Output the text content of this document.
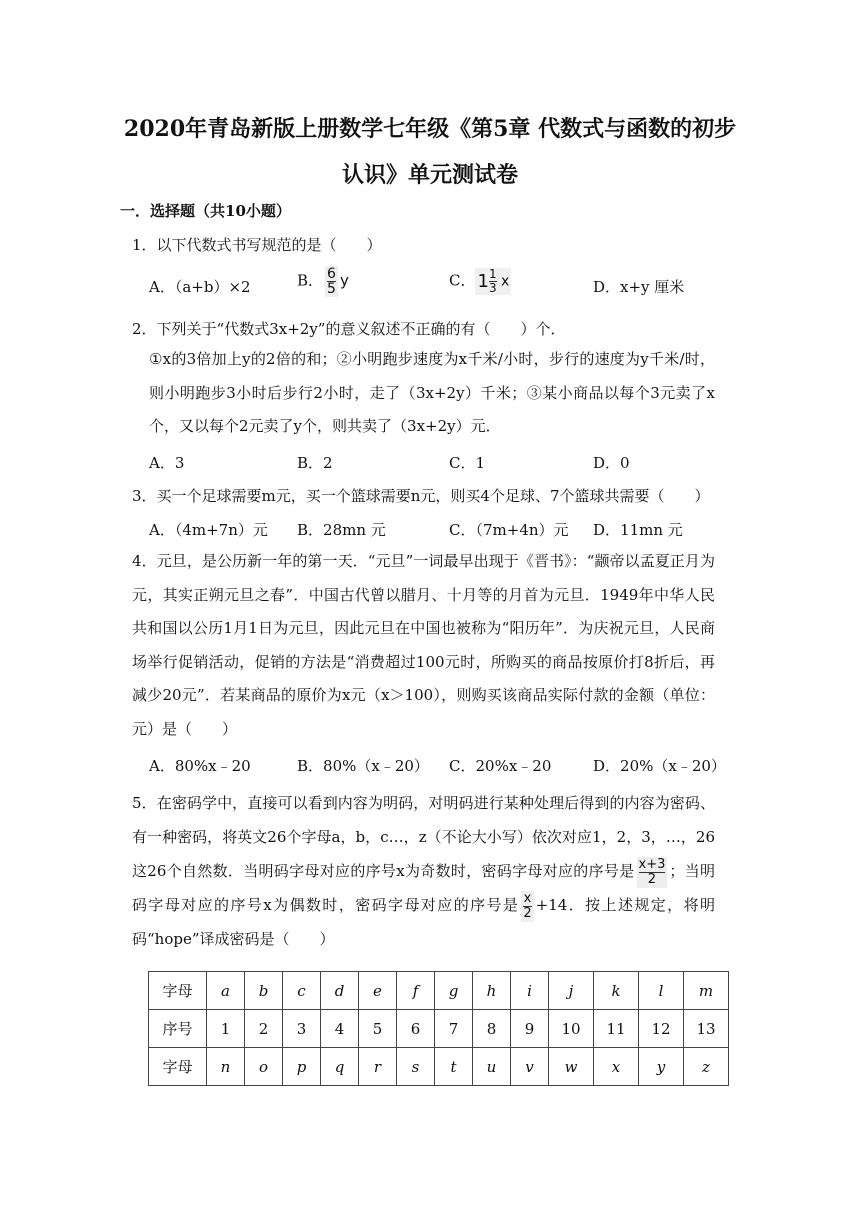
2020年青岛新版上册数学七年级《第5章 代数式与函数的初步
认识》单元测试卷
一．选择题（共10小题）
1．以下代数式书写规范的是（　　）
A．（a+b）×2	B． $\frac{6}{5}$ y	C． $1 \frac{1}{3}$ x	D．x+y 厘米
2．下列关于“代数式3x+2y”的意义叙述不正确的有（　　）个．
①x的3倍加上y的2倍的和；②小明跑步速度为x千米/小时，步行的速度为y千米/时，则小明跑步3小时后步行2小时，走了（3x+2y）千米；③某小商品以每个3元卖了x个，又以每个2元卖了y个，则共卖了（3x+2y）元．
A．3	B．2	C．1	D．0
3．买一个足球需要m元，买一个篮球需要n元，则买4个足球、7个篮球共需要（　　）
A．（4m+7n）元 B．28mn 元	C．（7m+4n）元 D．11mn 元
4．元旦，是公历新一年的第一天．“元旦”一词最早出现于《晋书》：“颛帝以孟夏正月为元，其实正朔元旦之春”．中国古代曾以腊月、十月等的月首为元旦．1949年中华人民共和国以公历1月1日为元旦，因此元旦在中国也被称为“阳历年”．为庆祝元旦，人民商场举行促销活动，促销的方法是“消费超过100元时，所购买的商品按原价打8折后，再减少20元”．若某商品的原价为x元（x＞100），则购买该商品实际付款的金额（单位：元）是（　　）
A．80%x﹣20	B．80%（x﹣20） C．20%x﹣20	D．20%（x﹣20）
5．在密码学中，直接可以看到内容为明码，对明码进行某种处理后得到的内容为密码、有一种密码，将英文26个字母a，b，c…，z（不论大小写）依次对应1，2，3，…，26这26个自然数．当明码字母对应的序号x为奇数时，密码字母对应的序号是 $\frac{x+3}{2}$ ；当明码字母对应的序号x为偶数时，密码字母对应的序号是 $\frac{x}{2} +14$．按上述规定，将明码“hope”译成密码是（　　）
字母	a	b	c	d	e	f	g	h	i	j	k	l	m
序号	1	2	3	4	5	6	7	8	9	10	11	12	13
字母	n	o	p	q	r	s	t	u	v	w	x	y	z
